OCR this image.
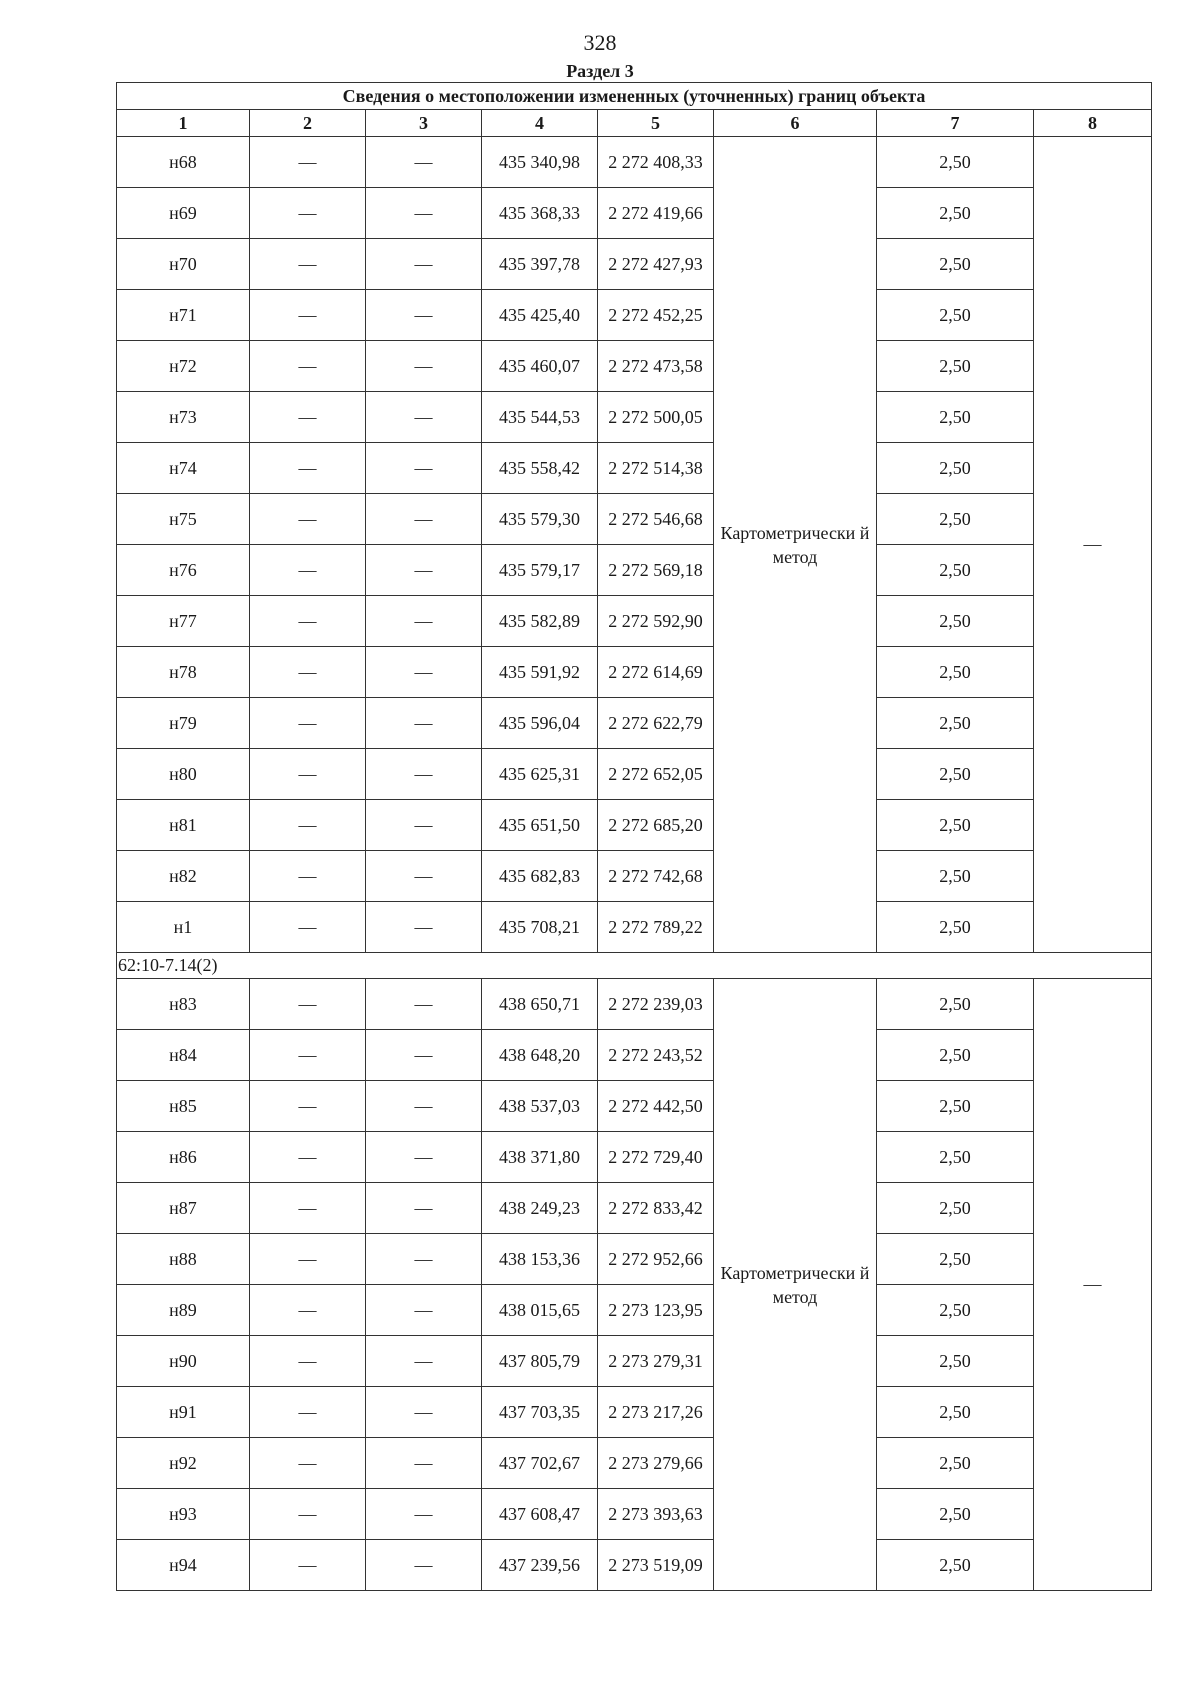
328
Раздел 3
Сведения о местоположении измененных (уточненных) границ объекта							
1	2	3	4	5	6	7	8
н68	—	—	435 340,98	2 272 408,33	Картометрически й метод	2,50	—
н69	—	—	435 368,33	2 272 419,66		2,50	
н70	—	—	435 397,78	2 272 427,93		2,50	
н71	—	—	435 425,40	2 272 452,25		2,50	
н72	—	—	435 460,07	2 272 473,58		2,50	
н73	—	—	435 544,53	2 272 500,05		2,50	
н74	—	—	435 558,42	2 272 514,38		2,50	
н75	—	—	435 579,30	2 272 546,68		2,50	
н76	—	—	435 579,17	2 272 569,18		2,50	
н77	—	—	435 582,89	2 272 592,90		2,50	
н78	—	—	435 591,92	2 272 614,69		2,50	
н79	—	—	435 596,04	2 272 622,79		2,50	
н80	—	—	435 625,31	2 272 652,05		2,50	
н81	—	—	435 651,50	2 272 685,20		2,50	
н82	—	—	435 682,83	2 272 742,68		2,50	
н1	—	—	435 708,21	2 272 789,22		2,50	
62:10-7.14(2)							
н83	—	—	438 650,71	2 272 239,03	Картометрически й метод	2,50	—
н84	—	—	438 648,20	2 272 243,52		2,50	
н85	—	—	438 537,03	2 272 442,50		2,50	
н86	—	—	438 371,80	2 272 729,40		2,50	
н87	—	—	438 249,23	2 272 833,42		2,50	
н88	—	—	438 153,36	2 272 952,66		2,50	
н89	—	—	438 015,65	2 273 123,95		2,50	
н90	—	—	437 805,79	2 273 279,31		2,50	
н91	—	—	437 703,35	2 273 217,26		2,50	
н92	—	—	437 702,67	2 273 279,66		2,50	
н93	—	—	437 608,47	2 273 393,63		2,50	
н94	—	—	437 239,56	2 273 519,09		2,50	
